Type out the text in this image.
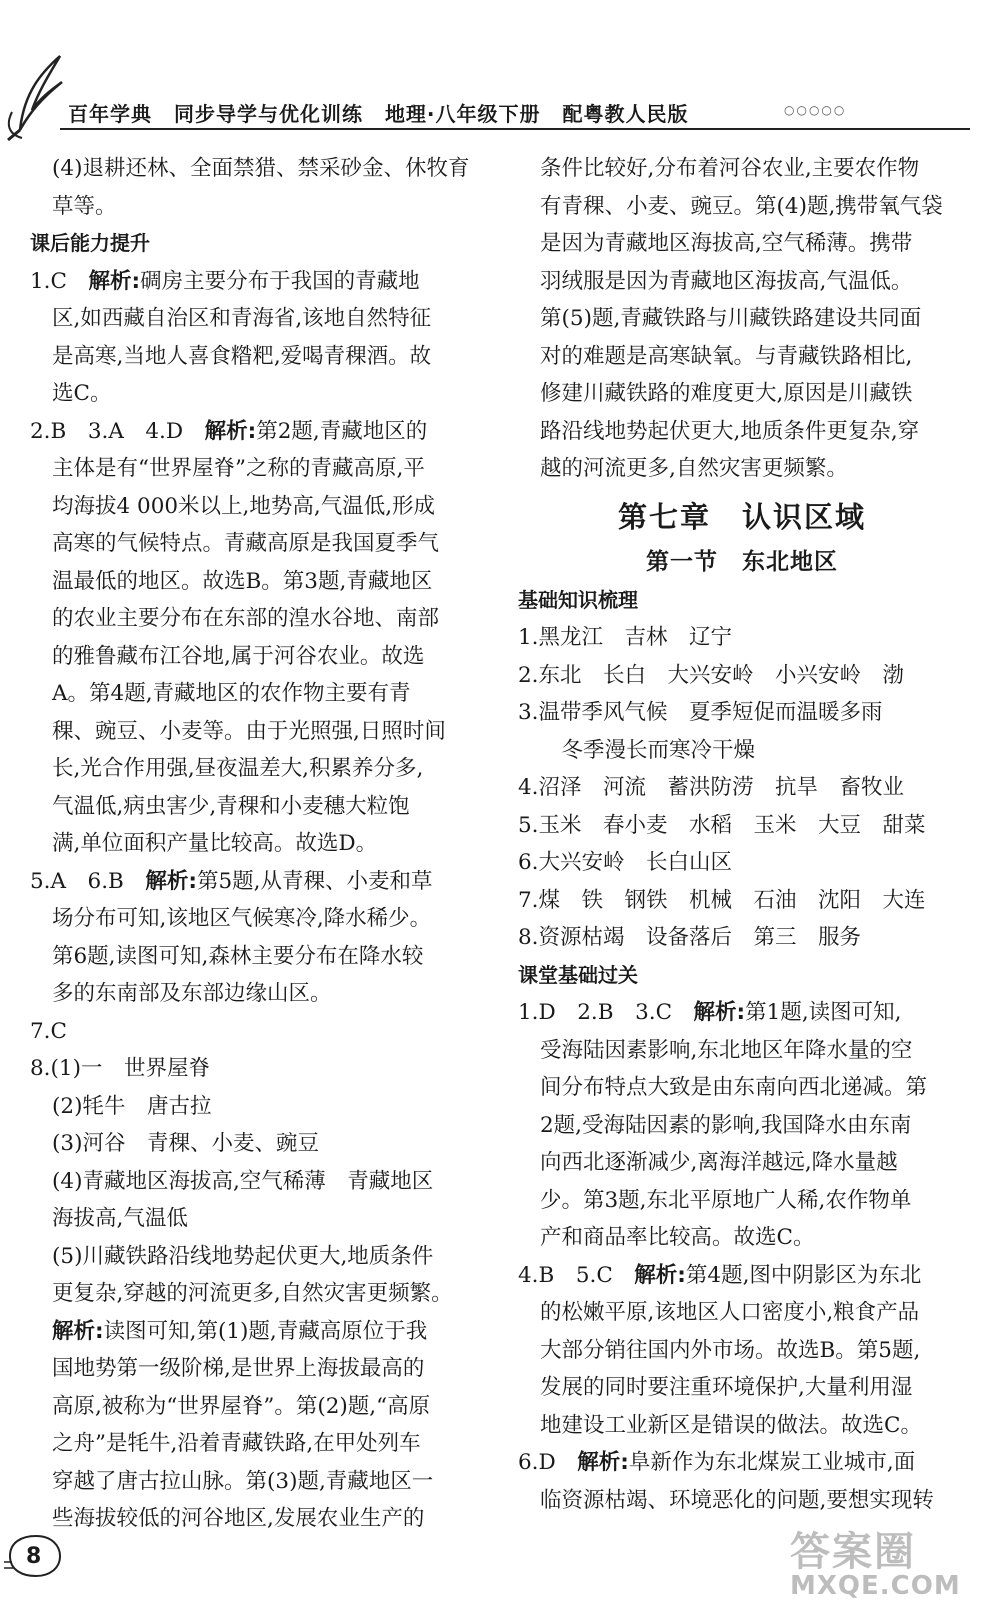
百年学典 同步导学与优化训练 地理·八年级下册 配粤教人民版	○○○○○

(4)退耕还林、全面禁猎、禁采砂金、休牧育

草等。

课后能力提升

1.C　解析:碉房主要分布于我国的青藏地

区,如西藏自治区和青海省,该地自然特征

是高寒,当地人喜食糌粑,爱喝青稞酒。故

选C。

2.B　3.A　4.D　解析:第2题,青藏地区的

主体是有“世界屋脊”之称的青藏高原,平

均海拔4 000米以上,地势高,气温低,形成

高寒的气候特点。青藏高原是我国夏季气

温最低的地区。故选B。第3题,青藏地区

的农业主要分布在东部的湟水谷地、南部

的雅鲁藏布江谷地,属于河谷农业。故选

A。第4题,青藏地区的农作物主要有青

稞、豌豆、小麦等。由于光照强,日照时间

长,光合作用强,昼夜温差大,积累养分多,

气温低,病虫害少,青稞和小麦穗大粒饱

满,单位面积产量比较高。故选D。

5.A　6.B　解析:第5题,从青稞、小麦和草

场分布可知,该地区气候寒冷,降水稀少。

第6题,读图可知,森林主要分布在降水较

多的东南部及东部边缘山区。

7.C

8.(1)一　世界屋脊

(2)牦牛　唐古拉

(3)河谷　青稞、小麦、豌豆

(4)青藏地区海拔高,空气稀薄　青藏地区

海拔高,气温低

(5)川藏铁路沿线地势起伏更大,地质条件

更复杂,穿越的河流更多,自然灾害更频繁。

解析:读图可知,第(1)题,青藏高原位于我

国地势第一级阶梯,是世界上海拔最高的

高原,被称为“世界屋脊”。第(2)题,“高原

之舟”是牦牛,沿着青藏铁路,在甲处列车

穿越了唐古拉山脉。第(3)题,青藏地区一

些海拔较低的河谷地区,发展农业生产的

条件比较好,分布着河谷农业,主要农作物

有青稞、小麦、豌豆。第(4)题,携带氧气袋

是因为青藏地区海拔高,空气稀薄。携带

羽绒服是因为青藏地区海拔高,气温低。

第(5)题,青藏铁路与川藏铁路建设共同面

对的难题是高寒缺氧。与青藏铁路相比,

修建川藏铁路的难度更大,原因是川藏铁

路沿线地势起伏更大,地质条件更复杂,穿

越的河流更多,自然灾害更频繁。

第七章　认识区域
第一节　东北地区

基础知识梳理

1.黑龙江　吉林　辽宁

2.东北　长白　大兴安岭　小兴安岭　渤

3.温带季风气候　夏季短促而温暖多雨

　冬季漫长而寒冷干燥

4.沼泽　河流　蓄洪防涝　抗旱　畜牧业

5.玉米　春小麦　水稻　玉米　大豆　甜菜

6.大兴安岭　长白山区

7.煤　铁　钢铁　机械　石油　沈阳　大连

8.资源枯竭　设备落后　第三　服务

课堂基础过关

1.D　2.B　3.C　解析:第1题,读图可知,

受海陆因素影响,东北地区年降水量的空

间分布特点大致是由东南向西北递减。第

2题,受海陆因素的影响,我国降水由东南

向西北逐渐减少,离海洋越远,降水量越

少。第3题,东北平原地广人稀,农作物单

产和商品率比较高。故选C。

4.B　5.C　解析:第4题,图中阴影区为东北

的松嫩平原,该地区人口密度小,粮食产品

大部分销往国内外市场。故选B。第5题,

发展的同时要注重环境保护,大量利用湿

地建设工业新区是错误的做法。故选C。

6.D　解析:阜新作为东北煤炭工业城市,面

临资源枯竭、环境恶化的问题,要想实现转

8	答案圈
MXQE.COM
